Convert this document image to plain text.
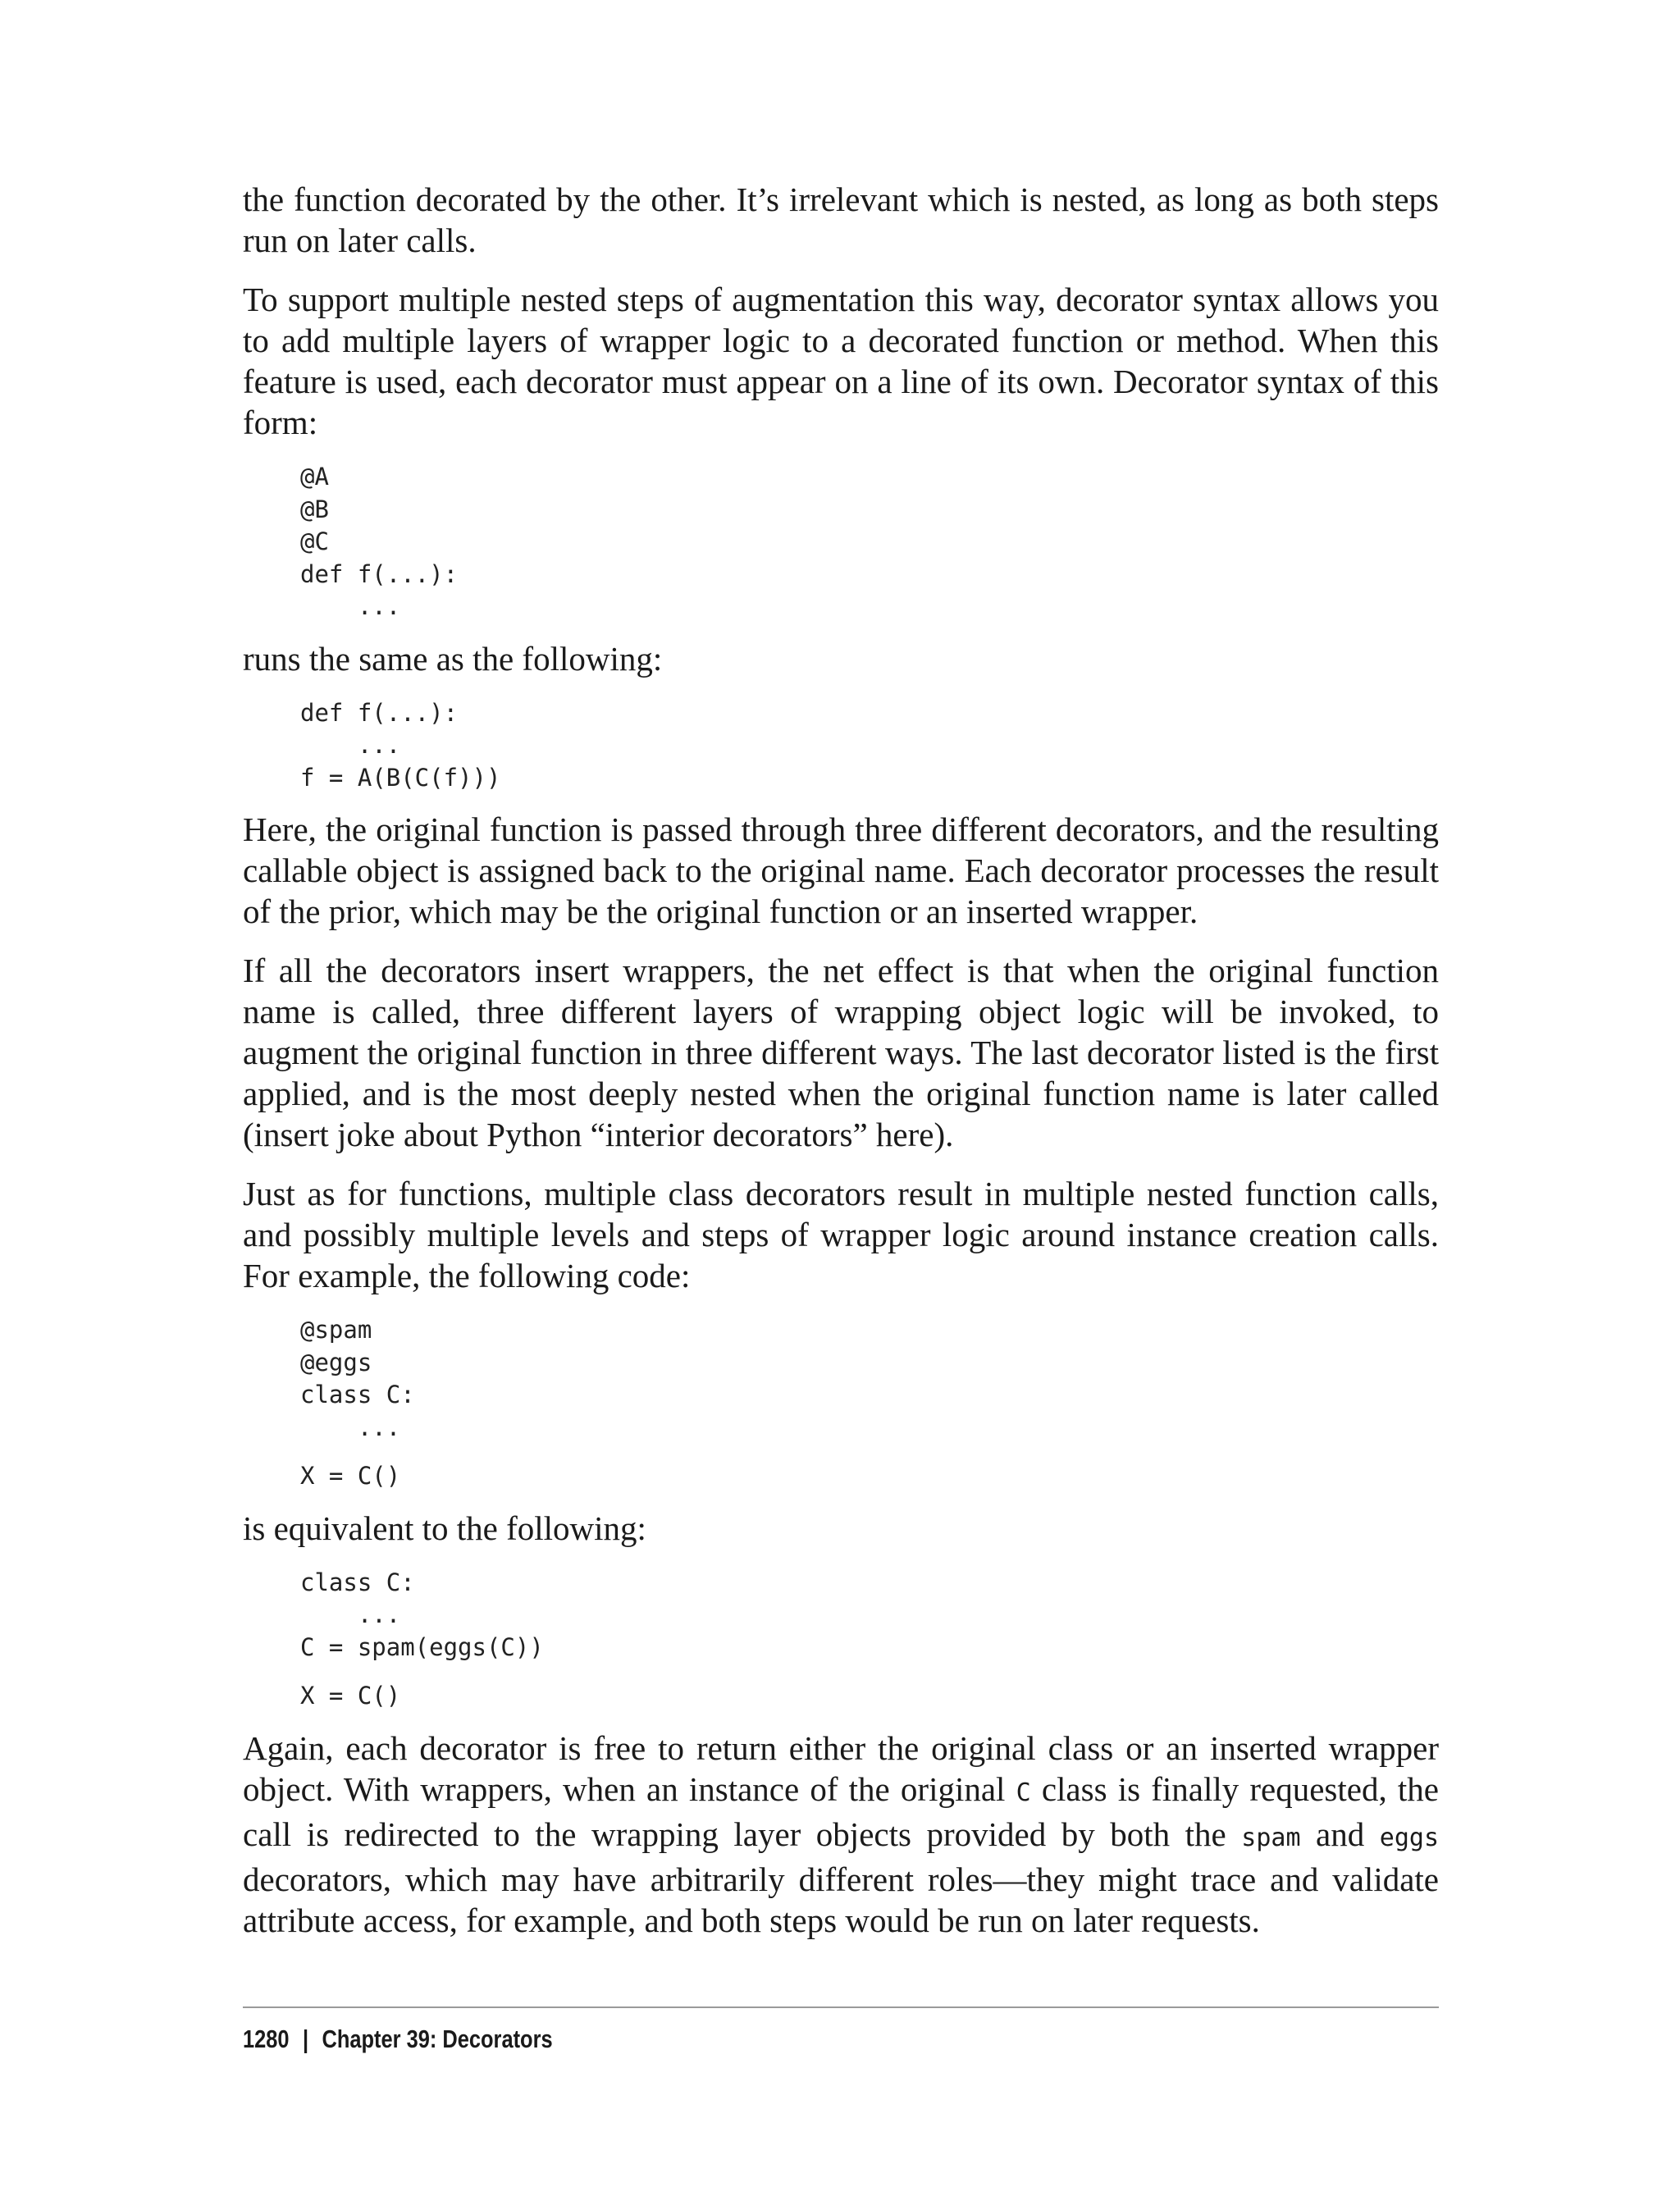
the function decorated by the other. It’s irrelevant which is nested, as long as both steps run on later calls.

To support multiple nested steps of augmentation this way, decorator syntax allows you to add multiple layers of wrapper logic to a decorated function or method. When this feature is used, each decorator must appear on a line of its own. Decorator syntax of this form:

@A
@B
@C
def f(...):
...

runs the same as the following:

def f(...):
...
f = A(B(C(f)))

Here, the original function is passed through three different decorators, and the resulting callable object is assigned back to the original name. Each decorator processes the result of the prior, which may be the original function or an inserted wrapper.

If all the decorators insert wrappers, the net effect is that when the original function name is called, three different layers of wrapping object logic will be invoked, to augment the original function in three different ways. The last decorator listed is the first applied, and is the most deeply nested when the original function name is later called (insert joke about Python “interior decorators” here).

Just as for functions, multiple class decorators result in multiple nested function calls, and possibly multiple levels and steps of wrapper logic around instance creation calls. For example, the following code:

@spam
@eggs
class C:
...
X = C()

is equivalent to the following:

class C:
...
C = spam(eggs(C))
X = C()

Again, each decorator is free to return either the original class or an inserted wrapper object. With wrappers, when an instance of the original C class is finally requested, the call is redirected to the wrapping layer objects provided by both the spam and eggs decorators, which may have arbitrarily different roles—they might trace and validate attribute access, for example, and both steps would be run on later requests.

1280 | Chapter 39: Decorators
